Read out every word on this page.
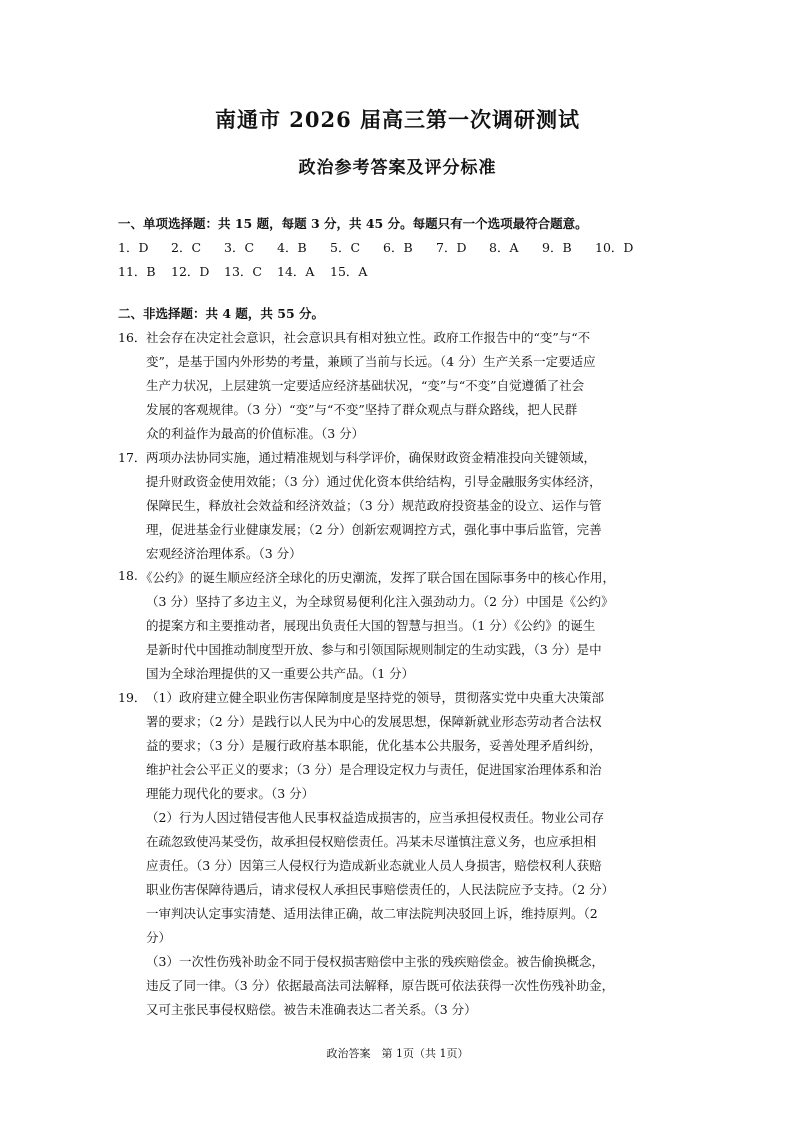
南通市 2026 届高三第一次调研测试
政治参考答案及评分标准
一、单项选择题：共 15 题，每题 3 分，共 45 分。每题只有一个选项最符合题意。
1．D 2．C 3．C 4．B 5．C 6．B 7．D 8．A 9．B 10．D
11．B 12．D 13．C 14．A 15．A
二、非选择题：共 4 题，共 55 分。
16． 社会存在决定社会意识，社会意识具有相对独立性。政府工作报告中的“变”与“不
变”，是基于国内外形势的考量，兼顾了当前与长远。（4 分）生产关系一定要适应
生产力状况，上层建筑一定要适应经济基础状况，“变”与“不变”自觉遵循了社会
发展的客观规律。（3 分）“变”与“不变”坚持了群众观点与群众路线，把人民群
众的利益作为最高的价值标准。（3 分）
17． 两项办法协同实施，通过精准规划与科学评价，确保财政资金精准投向关键领域，
提升财政资金使用效能；（3 分）通过优化资本供给结构，引导金融服务实体经济，
保障民生，释放社会效益和经济效益；（3 分）规范政府投资基金的设立、运作与管
理，促进基金行业健康发展；（2 分）创新宏观调控方式，强化事中事后监管，完善
宏观经济治理体系。（3 分）
18. 《公约》的诞生顺应经济全球化的历史潮流，发挥了联合国在国际事务中的核心作用，
（3 分）坚持了多边主义，为全球贸易便利化注入强劲动力。（2 分）中国是《公约》
的提案方和主要推动者，展现出负责任大国的智慧与担当。（1 分）《公约》的诞生
是新时代中国推动制度型开放、参与和引领国际规则制定的生动实践，（3 分）是中
国为全球治理提供的又一重要公共产品。（1 分）
19． （1）政府建立健全职业伤害保障制度是坚持党的领导，贯彻落实党中央重大决策部
署的要求；（2 分）是践行以人民为中心的发展思想，保障新就业形态劳动者合法权
益的要求；（3 分）是履行政府基本职能，优化基本公共服务，妥善处理矛盾纠纷，
维护社会公平正义的要求；（3 分）是合理设定权力与责任，促进国家治理体系和治
理能力现代化的要求。（3 分）
（2）行为人因过错侵害他人民事权益造成损害的，应当承担侵权责任。物业公司存
在疏忽致使冯某受伤，故承担侵权赔偿责任。冯某未尽谨慎注意义务，也应承担相
应责任。（3 分）因第三人侵权行为造成新业态就业人员人身损害，赔偿权利人获赔
职业伤害保障待遇后，请求侵权人承担民事赔偿责任的，人民法院应予支持。（2 分）
一审判决认定事实清楚、适用法律正确，故二审法院判决驳回上诉，维持原判。（2
分）
（3）一次性伤残补助金不同于侵权损害赔偿中主张的残疾赔偿金。被告偷换概念，
违反了同一律。（3 分）依据最高法司法解释，原告既可依法获得一次性伤残补助金，
又可主张民事侵权赔偿。被告未准确表达二者关系。（3 分）
政治答案　第 1页（共 1页）
